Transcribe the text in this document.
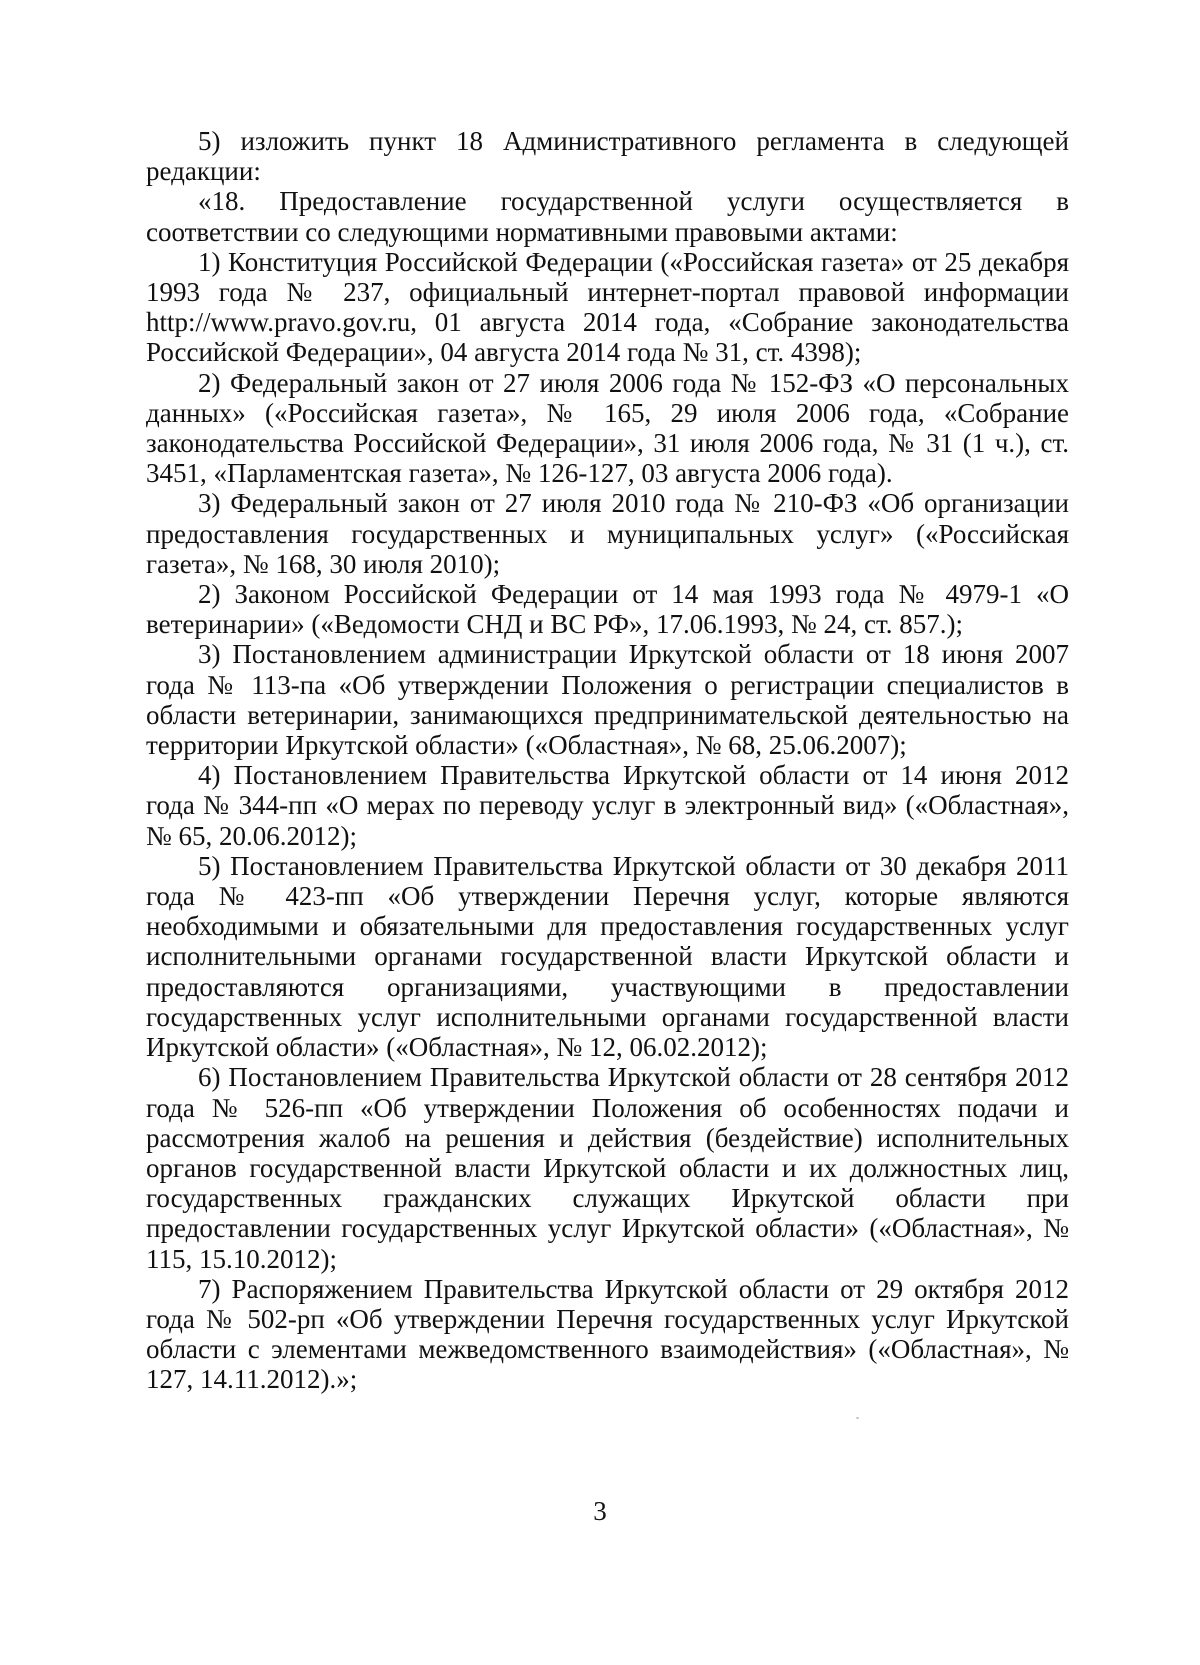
5) изложить пункт 18 Административного регламента в следующей редакции:

«18. Предоставление государственной услуги осуществляется в соответствии со следующими нормативными правовыми актами:

1) Конституция Российской Федерации («Российская газета» от 25 декабря 1993 года № 237, официальный интернет-портал правовой информации http://www.pravo.gov.ru, 01 августа 2014 года, «Собрание законодательства Российской Федерации», 04 августа 2014 года № 31, ст. 4398);

2) Федеральный закон от 27 июля 2006 года № 152-ФЗ «О персональных данных» («Российская газета», № 165, 29 июля 2006 года, «Собрание законодательства Российской Федерации», 31 июля 2006 года, № 31 (1 ч.), ст. 3451, «Парламентская газета», № 126-127, 03 августа 2006 года).

3) Федеральный закон от 27 июля 2010 года № 210-ФЗ «Об организации предоставления государственных и муниципальных услуг» («Российская газета», № 168, 30 июля 2010);

2) Законом Российской Федерации от 14 мая 1993 года № 4979-1 «О ветеринарии» («Ведомости СНД и ВС РФ», 17.06.1993, № 24, ст. 857.);

3) Постановлением администрации Иркутской области от 18 июня 2007 года № 113-па «Об утверждении Положения о регистрации специалистов в области ветеринарии, занимающихся предпринимательской деятельностью на территории Иркутской области» («Областная», № 68, 25.06.2007);

4) Постановлением Правительства Иркутской области от 14 июня 2012 года № 344-пп «О мерах по переводу услуг в электронный вид» («Областная», № 65, 20.06.2012);

5) Постановлением Правительства Иркутской области от 30 декабря 2011 года № 423-пп «Об утверждении Перечня услуг, которые являются необходимыми и обязательными для предоставления государственных услуг исполнительными органами государственной власти Иркутской области и предоставляются организациями, участвующими в предоставлении государственных услуг исполнительными органами государственной власти Иркутской области» («Областная», № 12, 06.02.2012);

6) Постановлением Правительства Иркутской области от 28 сентября 2012 года № 526-пп «Об утверждении Положения об особенностях подачи и рассмотрения жалоб на решения и действия (бездействие) исполнительных органов государственной власти Иркутской области и их должностных лиц, государственных гражданских служащих Иркутской области при предоставлении государственных услуг Иркутской области» («Областная», № 115, 15.10.2012);

7) Распоряжением Правительства Иркутской области от 29 октября 2012 года № 502-рп «Об утверждении Перечня государственных услуг Иркутской области с элементами межведомственного взаимодействия» («Областная», № 127, 14.11.2012).»;

3
